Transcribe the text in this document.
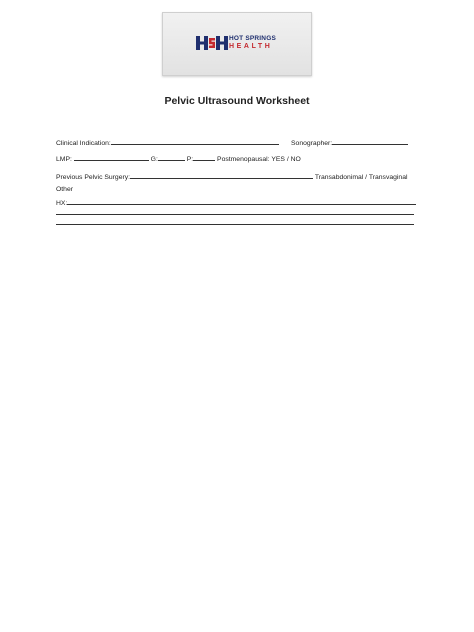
HOT SPRINGS
HEALTH
Pelvic Ultrasound Worksheet
Clinical Indication:	Sonographer:
LMP:	G:	P:	Postmenopausal: YES / NO
Previous Pelvic Surgery:	Transabdonimal / Transvaginal
Other
HX:
